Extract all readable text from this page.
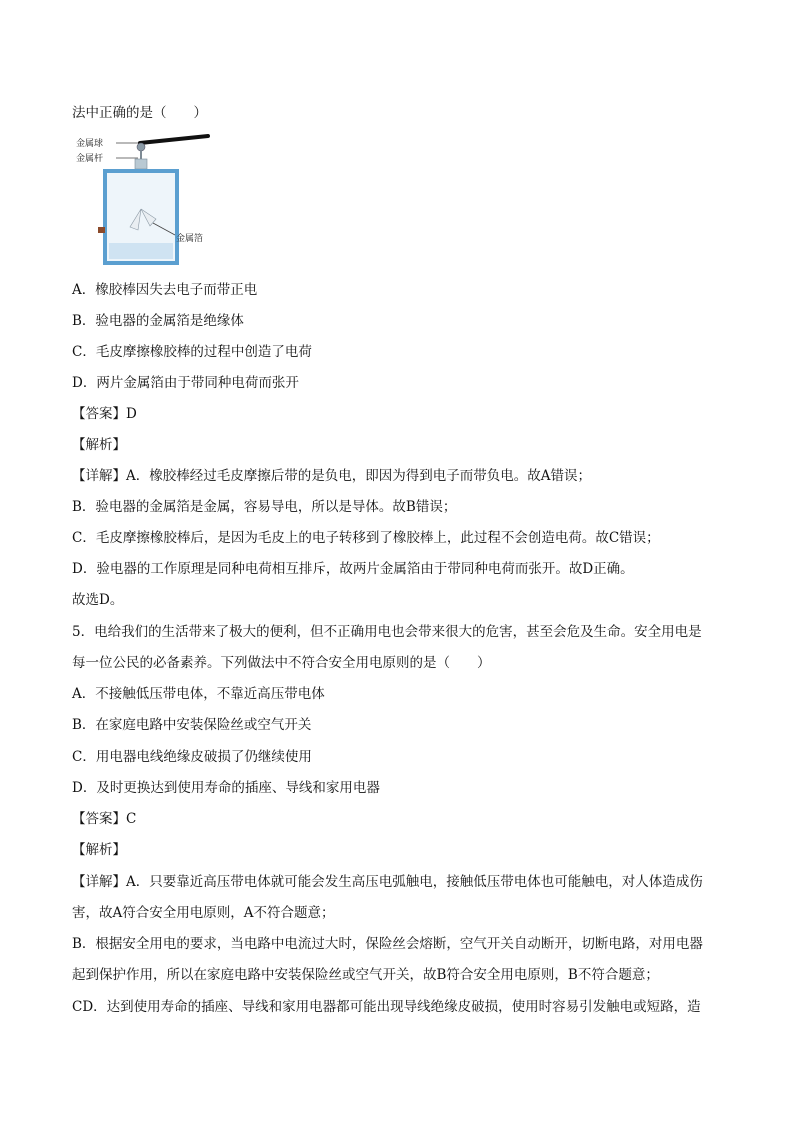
法中正确的是（　　）
金属球
金属杆
金属箔
A．橡胶棒因失去电子而带正电
B．验电器的金属箔是绝缘体
C．毛皮摩擦橡胶棒的过程中创造了电荷
D．两片金属箔由于带同种电荷而张开
【答案】D
【解析】
【详解】A．橡胶棒经过毛皮摩擦后带的是负电，即因为得到电子而带负电。故A错误；
B．验电器的金属箔是金属，容易导电，所以是导体。故B错误；
C．毛皮摩擦橡胶棒后，是因为毛皮上的电子转移到了橡胶棒上，此过程不会创造电荷。故C错误；
D．验电器的工作原理是同种电荷相互排斥，故两片金属箔由于带同种电荷而张开。故D正确。
故选D。
5．电给我们的生活带来了极大的便利，但不正确用电也会带来很大的危害，甚至会危及生命。安全用电是
每一位公民的必备素养。下列做法中不符合安全用电原则的是（　　）
A．不接触低压带电体，不靠近高压带电体
B．在家庭电路中安装保险丝或空气开关
C．用电器电线绝缘皮破损了仍继续使用
D．及时更换达到使用寿命的插座、导线和家用电器
【答案】C
【解析】
【详解】A．只要靠近高压带电体就可能会发生高压电弧触电，接触低压带电体也可能触电，对人体造成伤
害，故A符合安全用电原则，A不符合题意；
B．根据安全用电的要求，当电路中电流过大时，保险丝会熔断，空气开关自动断开，切断电路，对用电器
起到保护作用，所以在家庭电路中安装保险丝或空气开关，故B符合安全用电原则，B不符合题意；
CD．达到使用寿命的插座、导线和家用电器都可能出现导线绝缘皮破损，使用时容易引发触电或短路，造
